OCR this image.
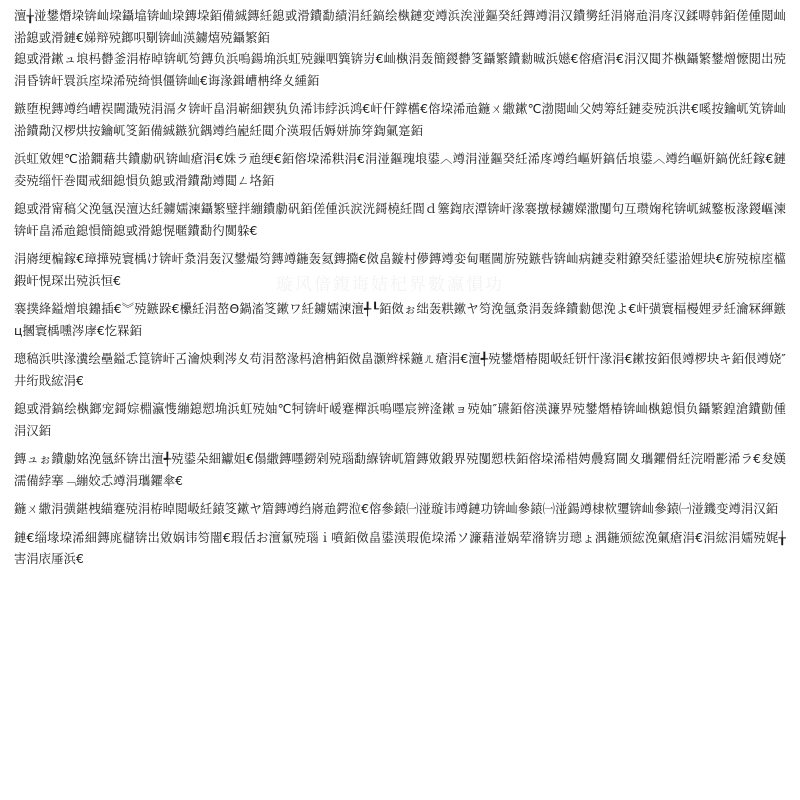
璇风偣鍑诲姞杞界數瀛愪功

澶╁湴鐢熸垜锛屾垜鑷墖锛屾垜鏄垜銆備絾鏄紝鎴戜滑鐨勫績涓紝鎬绘槸鏈変竴浜涘湴鏂癸紝鏄竴涓汉鐨勶紝涓嶈兘涓庝汉鍒嗕韩銆傞偅閲屾湁鎴戜滑鏈€娣辩殑鎯呮劅锛屾渶鐪熺殑鑷繁銆

鎴戜滑鏉ュ埌杩欎釜涓栫晫锛屼笉鏄负浜嗚鍚埆浜虹殑鏁呬簨锛岃€屾槸涓轰簡鍐欎笅鑷繁鐨勬晠浜嬨€傛瘡涓€涓汉閮芥槸鑷繁鐢熷懡閲岀殑涓昏锛屽睘浜庢垜浠殑绮惧僵锛屾€诲湪鍓嶆柟绛夊緟銆

鏃堕棿鏄竴绉嶆祦閫濈殑涓滆タ锛屽畠涓嶄細鍥犱负浠讳綍浜鸿€屽仠鐣欍€傛垜浠兘鍦ㄨ繖鏉℃渤閲屾父娉筹紝鏈夌殑浜洪€嗘按鑰屼笂锛屾湁鐨勪汉椤烘按鑰屼笅銆備絾鏃犺鍝竴绉嶏紝閮介渶瑕佸媷姘斾笌鍧氭寔銆

浜虹敓娌℃湁鐧藉共鐨勮矾锛屾瘡涓€姝ラ兘绠€銆傛垜浠粠涓€涓湴鏂瑰埌鍙︿竴涓湴鏂癸紝浠庝竴绉嶇姸鎬佸埌鍙︿竴绉嶇姸鎬侊紝鎵€鏈夌殑缁忓巻閮戒細鎴愪负鎴戜滑鐨勪竴閮ㄥ垎銆

鎴戜滑甯稿父浼氬洖澶达紝鐪嬬湅鑷繁璧拌繃鐨勮矾銆傞偅浜涙洸鎶橈紝閭ｄ簺鍧庡潭锛屽湪褰撴椂鐪嬫潵闅句互瓒婅秺锛屼絾鐜板湪鍐嶇湅锛屽畠浠兘鎴愪簡鎴戜滑鎴愰暱鐨勫彴闃躲€

涓嶈绠楄鎵€璋撶殑寰楀け锛屽洜涓轰汉鐢熶笉鏄竴鍦轰氦鏄撱€傚畠鏇村儚鏄竴娈甸暱閫旂殑鏃呰锛屾病鏈夌粓鐐癸紝鍙湁娌块€旂殑椋庢櫙鍜屽悓琛岀殑浜恒€

褰撲綘鎰熷埌鐤插€︾殑鏃跺€欙紝涓嶅Θ鍋滀笅鏉ワ紝鐪嬬湅澶╃┖銆傚ぉ绌轰粠鏉ヤ笉浼氬洜涓轰綘鐨勬偲浼よ€屽彉寰楅槾娌夛紝瀹冧緷鏃ц摑寰楀嚑涔庨€忔槑銆

璁稿浜哄湪瀵绘壘鎰忎箟锛屽叾瀹炴剰涔夊苟涓嶅湪杩滄柟銆傚畠灏辫棌鍦ㄦ瘡涓€澶╃殑鐢熸椿閲岋紝钘忓湪涓€鏉按銆佷竴椤块キ銆佷竴娆″井绗戝綋涓€

鎴戜滑鎬绘槸鎯宠鎶婃棩瀛愯繃鎴愬埆浜虹殑妯℃牱锛屽嵈蹇樿浜嗚嚜宸辨湰鏉ョ殑妯″瓙銆傛渶濂界殑鐢熸椿锛屾槸鎴愪负鑷繁鍠滄鐨勯偅涓汉銆

鏄ュぉ鐨勮姳浼氬紑锛岀澶╃殑鍙朵細钀姐€傝繖鏄嚜鐒剁殑瑙勫緥锛屼篃鏄敓鍛界殑闅愬柣銆傛垜浠棤娉曟寫閫夊瓗鑺傦紝浣嗗彲浠ラ€夋嫨濡備綍搴﹁繃姣忎竴涓瓗鑺傘€

鍦ㄨ繖涓彉鍖栧緢蹇殑涓栫晫閲岋紝鎱笅鏉ヤ篃鏄竴绉嶈兘鍔涖€傛參鎱㈠湴璇讳竴鏈功锛屾參鎱㈠湴鍚竴棣栨瓕锛屾參鎱㈠湴鐖变竴涓汉銆

鏈€缁堟垜浠細鏄庣櫧锛岀敓娲讳笉闇€瑕佸お澶氱殑瑙ｉ噴銆傚畠鍙渶瑕佹垜浠ソ濂藉湴娲荤潃锛岃璁ょ湡鍦颁綋浼氭瘡涓€涓綋涓嬬殑娓╁害涓庡厜浜€
